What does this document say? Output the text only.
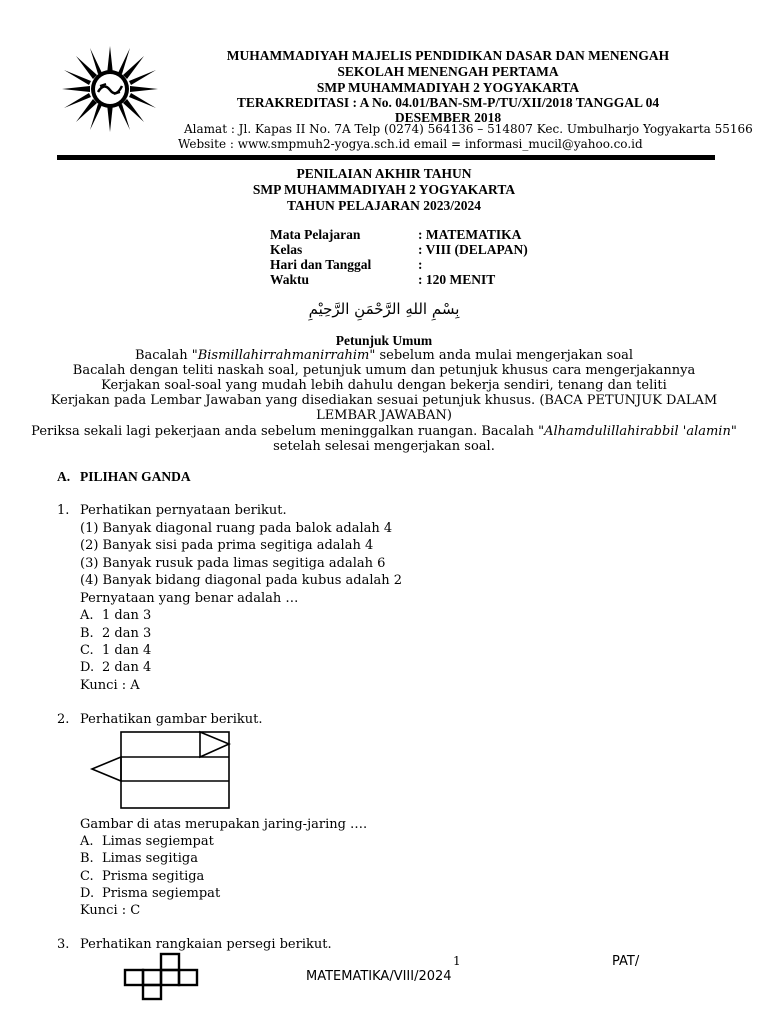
MUHAMMADIYAH MAJELIS PENDIDIKAN DASAR DAN MENENGAH
SEKOLAH MENENGAH PERTAMA
SMP MUHAMMADIYAH 2 YOGYAKARTA
TERAKREDITASI : A No. 04.01/BAN-SM-P/TU/XII/2018 TANGGAL 04
DESEMBER 2018
Alamat : Jl. Kapas II No. 7A Telp (0274) 564136 – 514807 Kec. Umbulharjo Yogyakarta 55166
Website : www.smpmuh2-yogya.sch.id email = informasi_mucil@yahoo.co.id
PENILAIAN AKHIR TAHUN
SMP MUHAMMADIYAH 2 YOGYAKARTA
TAHUN PELAJARAN 2023/2024
Mata Pelajaran	: MATEMATIKA
Kelas	: VIII (DELAPAN)
Hari dan Tanggal	:
Waktu	: 120 MENIT
بِسْمِ اللهِ الرَّحْمَنِ الرَّحِيْمِ
Petunjuk Umum
Bacalah "Bismillahirrahmanirrahim" sebelum anda mulai mengerjakan soal
Bacalah dengan teliti naskah soal, petunjuk umum dan petunjuk khusus cara mengerjakannya
Kerjakan soal-soal yang mudah lebih dahulu dengan bekerja sendiri, tenang dan teliti
Kerjakan pada Lembar Jawaban yang disediakan sesuai petunjuk khusus. (BACA PETUNJUK DALAM
LEMBAR JAWABAN)
Periksa sekali lagi pekerjaan anda sebelum meninggalkan ruangan. Bacalah "Alhamdulillahirabbil 'alamin"
setelah selesai mengerjakan soal.
A. PILIHAN GANDA
1. Perhatikan pernyataan berikut.
(1) Banyak diagonal ruang pada balok adalah 4
(2) Banyak sisi pada prima segitiga adalah 4
(3) Banyak rusuk pada limas segitiga adalah 6
(4) Banyak bidang diagonal pada kubus adalah 2
Pernyataan yang benar adalah …
A. 1 dan 3
B. 2 dan 3
C. 1 dan 4
D. 2 dan 4
Kunci : A
2. Perhatikan gambar berikut.
Gambar di atas merupakan jaring-jaring ….
A. Limas segiempat
B. Limas segitiga
C. Prisma segitiga
D. Prisma segiempat
Kunci : C
3. Perhatikan rangkaian persegi berikut.
1	PAT/
MATEMATIKA/VIII/2024
